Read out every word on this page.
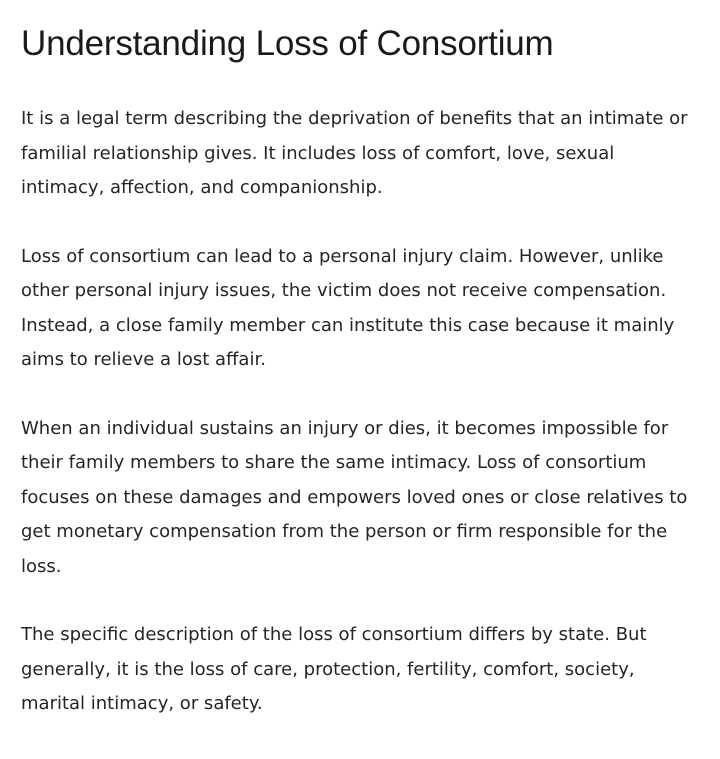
Understanding Loss of Consortium

It is a legal term describing the deprivation of benefits that an intimate or familial relationship gives. It includes loss of comfort, love, sexual intimacy, affection, and companionship.

Loss of consortium can lead to a personal injury claim. However, unlike other personal injury issues, the victim does not receive compensation. Instead, a close family member can institute this case because it mainly aims to relieve a lost affair.

When an individual sustains an injury or dies, it becomes impossible for their family members to share the same intimacy. Loss of consortium focuses on these damages and empowers loved ones or close relatives to get monetary compensation from the person or firm responsible for the loss.

The specific description of the loss of consortium differs by state. But generally, it is the loss of care, protection, fertility, comfort, society, marital intimacy, or safety.
